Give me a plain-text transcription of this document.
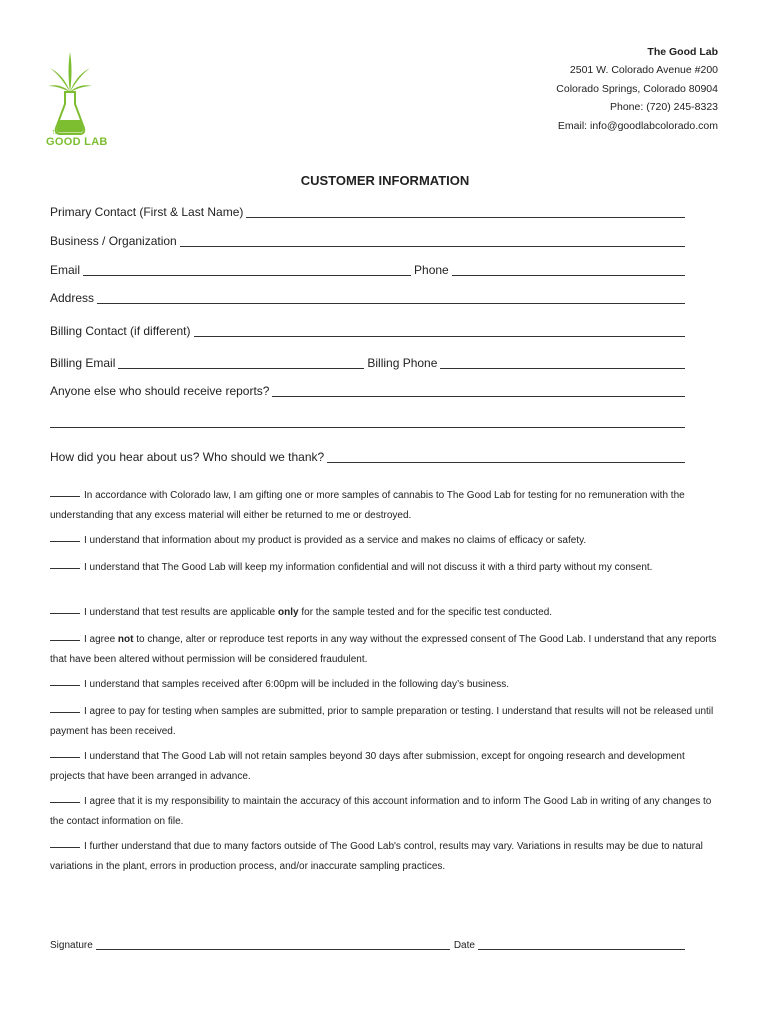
The
GOOD LAB
The Good Lab
2501 W. Colorado Avenue #200
Colorado Springs, Colorado 80904
Phone: (720) 245-8323
Email: info@goodlabcolorado.com
CUSTOMER INFORMATION
Primary Contact (First & Last Name)
Business / Organization
Email	Phone
Address
Billing Contact (if different)
Billing Email	Billing Phone
Anyone else who should receive reports?
How did you hear about us? Who should we thank?
In accordance with Colorado law, I am gifting one or more samples of cannabis to The Good Lab for testing for no remuneration with the understanding that any excess material will either be returned to me or destroyed.
I understand that information about my product is provided as a service and makes no claims of efficacy or safety.
I understand that The Good Lab will keep my information confidential and will not discuss it with a third party without my consent.
I understand that test results are applicable only for the sample tested and for the specific test conducted.
I agree not to change, alter or reproduce test reports in any way without the expressed consent of The Good Lab. I understand that any reports that have been altered without permission will be considered fraudulent.
I understand that samples received after 6:00pm will be included in the following day’s business.
I agree to pay for testing when samples are submitted, prior to sample preparation or testing. I understand that results will not be released until payment has been received.
I understand that The Good Lab will not retain samples beyond 30 days after submission, except for ongoing research and development projects that have been arranged in advance.
I agree that it is my responsibility to maintain the accuracy of this account information and to inform The Good Lab in writing of any changes to the contact information on file.
I further understand that due to many factors outside of The Good Lab's control, results may vary. Variations in results may be due to natural variations in the plant, errors in production process, and/or inaccurate sampling practices.
Signature	Date
